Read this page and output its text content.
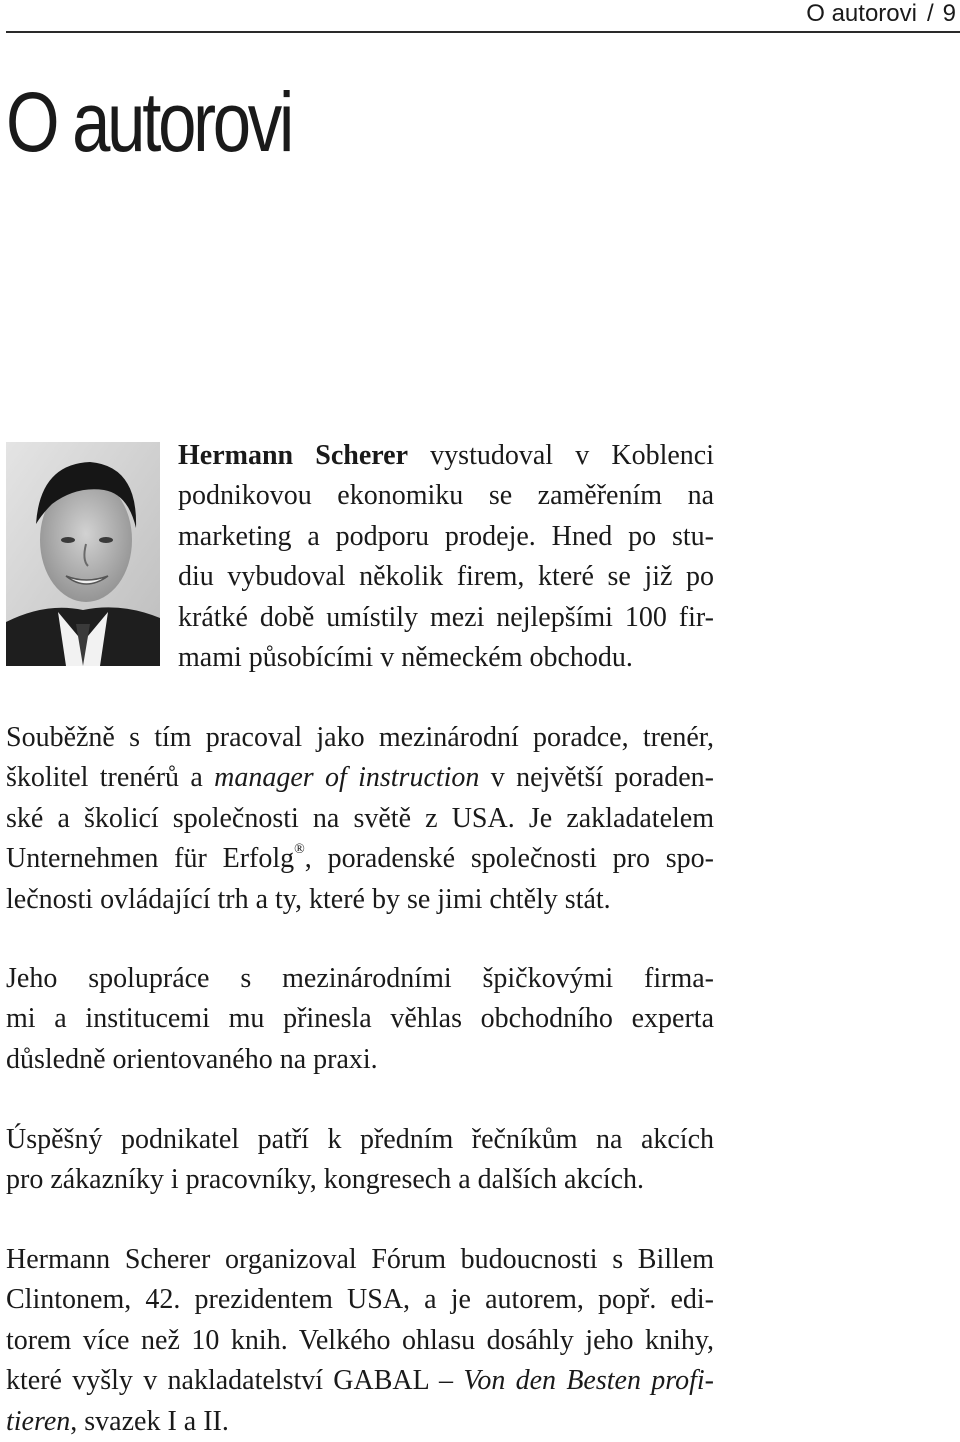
O autorovi / 9
O autorovi
Hermann Scherer vystudoval v Koblenci
podnikovou ekonomiku se zaměřením na
marketing a podporu prodeje. Hned po stu-
diu vybudoval několik firem, které se již po
krátké době umístily mezi nejlepšími 100 fir-
mami působícími v německém obchodu.
Souběžně s tím pracoval jako mezinárodní poradce, trenér,
školitel trenérů a manager of instruction v největší poraden-
ské a školicí společnosti na světě z USA. Je zakladatelem
Unternehmen für Erfolg®, poradenské společnosti pro spo-
lečnosti ovládající trh a ty, které by se jimi chtěly stát.
Jeho spolupráce s mezinárodními špičkovými firma-
mi a institucemi mu přinesla věhlas obchodního experta
důsledně orientovaného na praxi.
Úspěšný podnikatel patří k předním řečníkům na akcích
pro zákazníky i pracovníky, kongresech a dalších akcích.
Hermann Scherer organizoval Fórum budoucnosti s Billem
Clintonem, 42. prezidentem USA, a je autorem, popř. edi-
torem více než 10 knih. Velkého ohlasu dosáhly jeho knihy,
které vyšly v nakladatelství GABAL – Von den Besten profi-
tieren, svazek I a II.
